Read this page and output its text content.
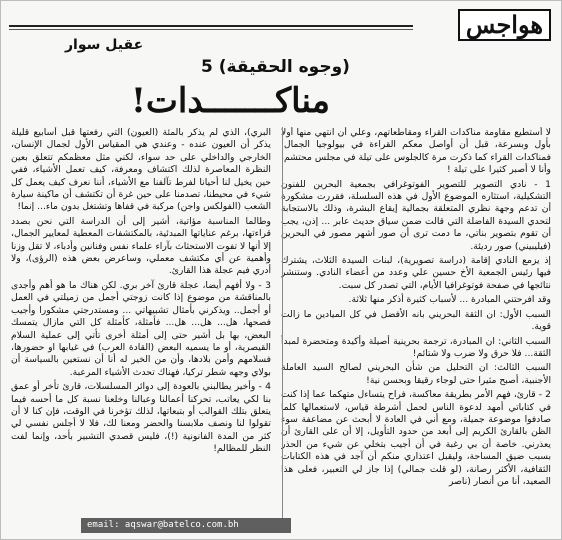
هواجس
عقيل سوار
(وجوه الحقيقة) 5
مناكـــــــدات!

لا أستطيع مقاومة مناكدات القراء ومقاطعاتهم، وعلي أن انتهي منها أولا بأول وبسرعة، قبل أن أواصل معكم القراءة في بيولوجيا الجمال. فمناكدات القراء كما ذكرت مرة كالجلوس على تيلة في مجلس محتشم، وأنا لا أصبر كثيرا على تيلة !

1 - نادي التصوير للتصوير الفوتوغرافي بجمعية البحرين للفنون التشكيلية، استثاره الموضوع الأول في هذه السلسلة، فقررت مشكورة أن تدعم وجهة نظري المتعلقة بجمالية إيقاع البشرة، وذلك بالاستجابة لتحدي السيدة الفاضلة التي قالت ضمن سياق حديث عابر ... إذن، يجب أن تقوم بتصوير بناتي، ما دمت ترى أن صور أشهر مصور في البحرين (فيليبيني) صور رديئة.

إذ يزمع النادي إقامة (دراسة تصويرية)، لبنات السيدة الثلاث، يشترك فيها رئيس الجمعية الأخ حسين علي وعدد من أعضاء النادي. وستنشر نتائجها في صفحة فوتوغرافيا الأيام، التي تصدر كل سبت.

وقد افرحتني المبادرة ... لأسباب كثيرة أذكر منها ثلاثة.

السبب الأول: ان الثقة البحريني بانه الأفضل في كل الميادين ما زالت قوية.

السبب الثاني: ان المبادرة، ترجمة بحرينية أصيلة وأكيدة ومتحضرة لمبدأ الثقة... فلا حرق ولا ضرب ولا شتائم!

السبب الثالث: ان التحليل من شأن البحريني لصالح السيد العاملة الأجنبية، أصبح مثيرا حتى لوجاء رقيقا وبحسن نية!

2 - قارئ، فهم الأمر بطريقة معاكسة، فراح يتساءل متهكما عما إذا كنت في كتاباتي أمهد لدعوة الناس لحمل أشرطة قياس، لاستعمالها كلما صادفوا موضوعة جميلة، ومع أني في العادة لا أبحث عن مضاعفة سوء الظن بالقارئ الكريم إلى أبعد من حدود التأويل، إلا أن على القارئ أن يعذرني. خاصة أن بي رغبة في أن أجيب بتخلي عن شيء من الحذر بسبب ضيق المساحة، وليقبل اعتذاري منكم أن آجد في هذه الكتابات الثقافية، الأكثر رصانة، (لو قلت جمالي) إذا جاز لي التعبير، فعلى هذا الصعيد، أنا من أنصار (ناصر

البري)، الذي لم يذكر بالمئة (العيون) التي رفعتها قبل أسابيع قليلة يذكر أن العيون عنده - وعندي هي المقياس الأول لجمال الإنسان، الخارجي والداخلي على حد سواء، لكني مثل معظمكم تتعلق بعين النظرة المعاصرة لذلك اكتشاف ومعرفة، كيف تعمل الأشياء، ففي حين يخيل لنا أحيانا لفرط تآلفنا مع الأشياء، أننا نعرف كيف يعمل كل شيء في محيطنا، تصدمنا على حين غرة أن تكتشف أن ماكينة سيارة الشعب (الفولكس واجن) مركبة في قفاها وتشتغل بدون ماء... إنما!

وطالما المناسبة مؤاتية، أشير إلى أن الدراسة التي نحن بصدد قراءتها، برغم عناياتها المبدئية، بالمكتشفات المعطية لمعايير الجمال، إلا أنها لا تفوت الاستحثاث بآراء علماء نفس وفنانين وأدباء، لا تقل وزنا وأهمية عن أي مكتشف معملي، وساعرض بعض هذه (الرؤى)، ولا أدري فيم عجلة هذا القارئ.

3 - ولا أفهم أيضا، عجلة قارئ آخر بري. لكن هناك ما هو أهم وأجدى بالمناقشة من موضوع إذا كانت زوجتي أجمل من زميلتي في العمل أو أجمل.. ويذكرني بأمثال تشبيهاتي ... ومستدرجتي مشكورا وأجيب فصحها، هل... هل... هل... فأمثلة، كأمثلة كل التي مازال يتمسك البعض، بها بل أشير حتى إلى أمثلة أخرى تأتي إلى عملية السلام القيصرية، أو ما يسميه البعض (القادة العرب) في غيابها او حضورها، فسلامهم وأمن بلادها، وأن من الخير له أنا أن نستعين بالسياسة أن بولاي وجهه شطر تركيا، فهناك تحدث الأشياء المرعبة.

4 - وأخير يطالبني بالعودة إلى دوائر المسلسلات، قارئ تأخر أو عمق بنا لكي يعاتب، تحركنا أعمالنا وعبالنا وخلعنا نسبة كل ما أحسه فيما يتعلق بتلك القوالب أو بتبعاتها، لذلك تؤخرنا في الوقت، فإن كنا لا أن تقولوا لنا ونصف ملابسنا والحضر ومعنا لك، فلا لا أجلس نفسي لي كثر من المدة الفانونية (!)، فليس قصدي التشبير بأحد، وإنما لفت النظر للمظالم!

email: aqswar@batelco.com.bh
